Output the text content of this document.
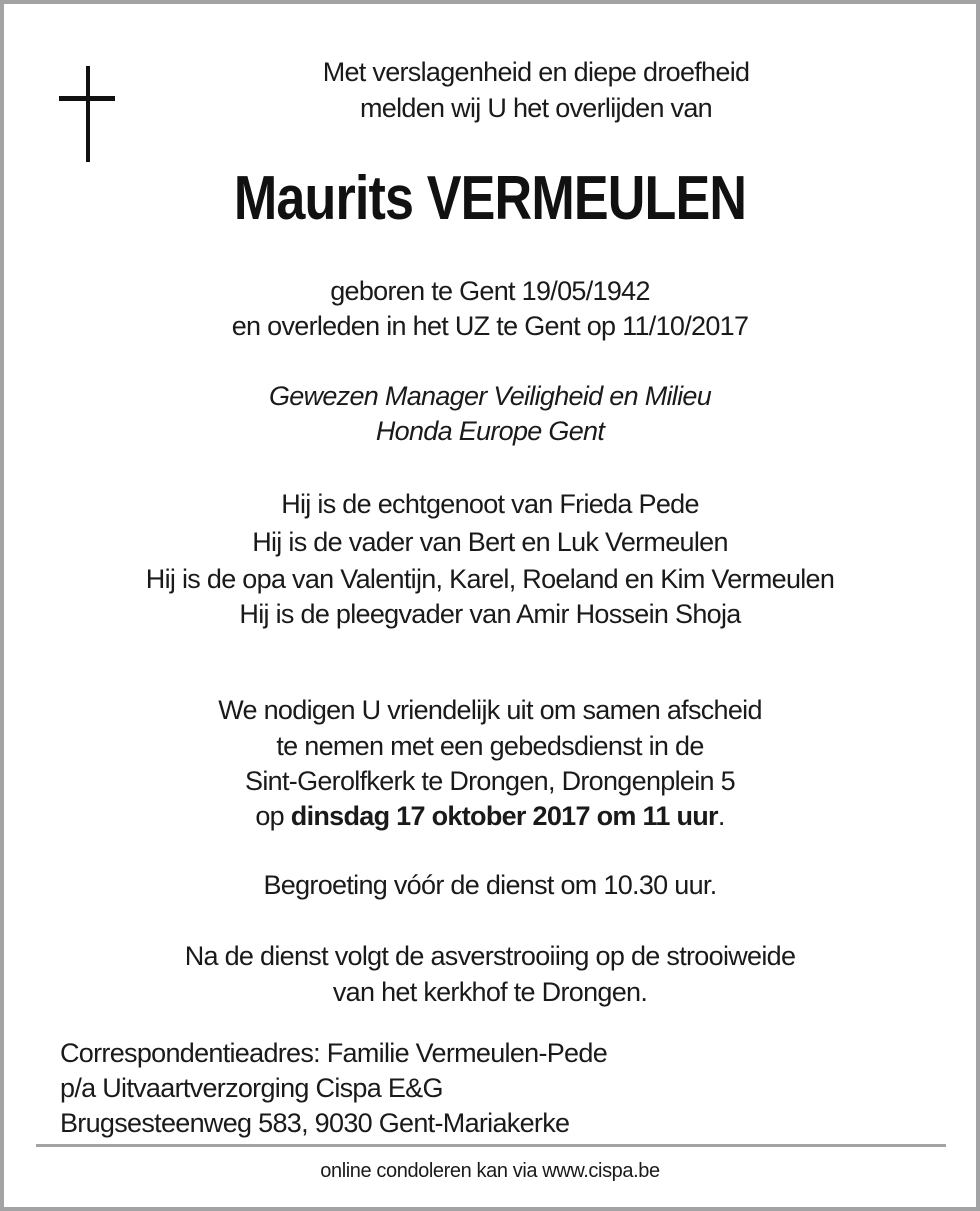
Met verslagenheid en diepe droefheid
melden wij U het overlijden van
Maurits VERMEULEN
geboren te Gent 19/05/1942
en overleden in het UZ te Gent op 11/10/2017
Gewezen Manager Veiligheid en Milieu
Honda Europe Gent
Hij is de echtgenoot van Frieda Pede
Hij is de vader van Bert en Luk Vermeulen
Hij is de opa van Valentijn, Karel, Roeland en Kim Vermeulen
Hij is de pleegvader van Amir Hossein Shoja
We nodigen U vriendelijk uit om samen afscheid
te nemen met een gebedsdienst in de
Sint-Gerolfkerk te Drongen, Drongenplein 5
op dinsdag 17 oktober 2017 om 11 uur.
Begroeting vóór de dienst om 10.30 uur.
Na de dienst volgt de asverstrooiing op de strooiweide
van het kerkhof te Drongen.
Correspondentieadres: Familie Vermeulen-Pede
p/a Uitvaartverzorging Cispa E&G
Brugsesteenweg 583, 9030 Gent-Mariakerke
online condoleren kan via www.cispa.be
